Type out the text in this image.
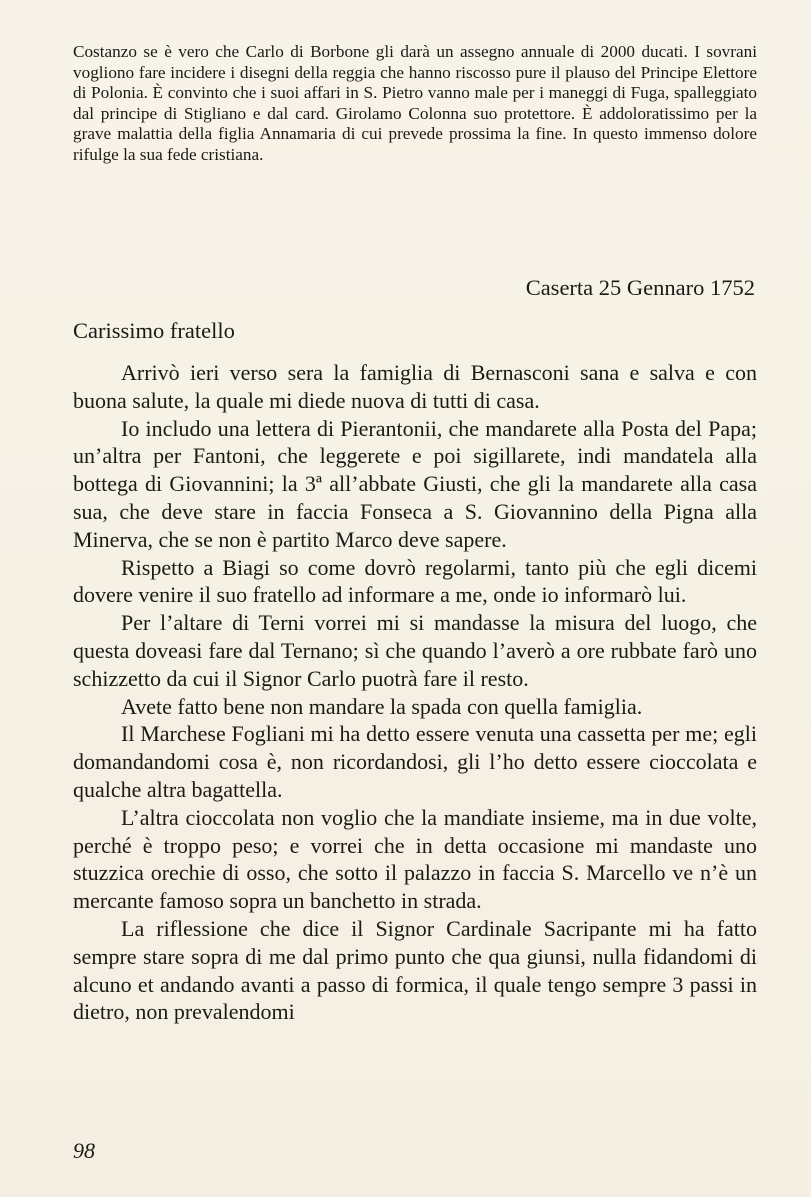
Costanzo se è vero che Carlo di Borbone gli darà un assegno annuale di 2000 ducati. I sovrani vogliono fare incidere i disegni della reggia che hanno riscosso pure il plauso del Principe Elettore di Polonia. È convinto che i suoi affari in S. Pietro vanno male per i maneggi di Fuga, spalleggiato dal principe di Stigliano e dal card. Girolamo Colonna suo protettore. È addoloratissimo per la grave malattia della figlia Annamaria di cui prevede prossima la fine. In questo immenso dolore rifulge la sua fede cristiana.

Caserta 25 Gennaro 1752
Carissimo fratello

Arrivò ieri verso sera la famiglia di Bernasconi sana e salva e con buona salute, la quale mi diede nuova di tutti di casa.

Io includo una lettera di Pierantonii, che mandarete alla Posta del Papa; un’altra per Fantoni, che leggerete e poi sigillarete, indi mandatela alla bottega di Giovannini; la 3ª all’abbate Giusti, che gli la mandarete alla casa sua, che deve stare in faccia Fonseca a S. Giovannino della Pigna alla Minerva, che se non è partito Marco deve sapere.

Rispetto a Biagi so come dovrò regolarmi, tanto più che egli dicemi dovere venire il suo fratello ad informare a me, onde io informarò lui.

Per l’altare di Terni vorrei mi si mandasse la misura del luogo, che questa doveasi fare dal Ternano; sì che quando l’averò a ore rubbate farò uno schizzetto da cui il Signor Carlo puotrà fare il resto.

Avete fatto bene non mandare la spada con quella famiglia.

Il Marchese Fogliani mi ha detto essere venuta una cassetta per me; egli domandandomi cosa è, non ricordandosi, gli l’ho detto essere cioccolata e qualche altra bagattella.

L’altra cioccolata non voglio che la mandiate insieme, ma in due volte, perché è troppo peso; e vorrei che in detta occasione mi mandaste uno stuzzica orechie di osso, che sotto il palazzo in faccia S. Marcello ve n’è un mercante famoso sopra un banchetto in strada.

La riflessione che dice il Signor Cardinale Sacripante mi ha fatto sempre stare sopra di me dal primo punto che qua giunsi, nulla fidandomi di alcuno et andando avanti a passo di formica, il quale tengo sempre 3 passi in dietro, non prevalendomi

98
